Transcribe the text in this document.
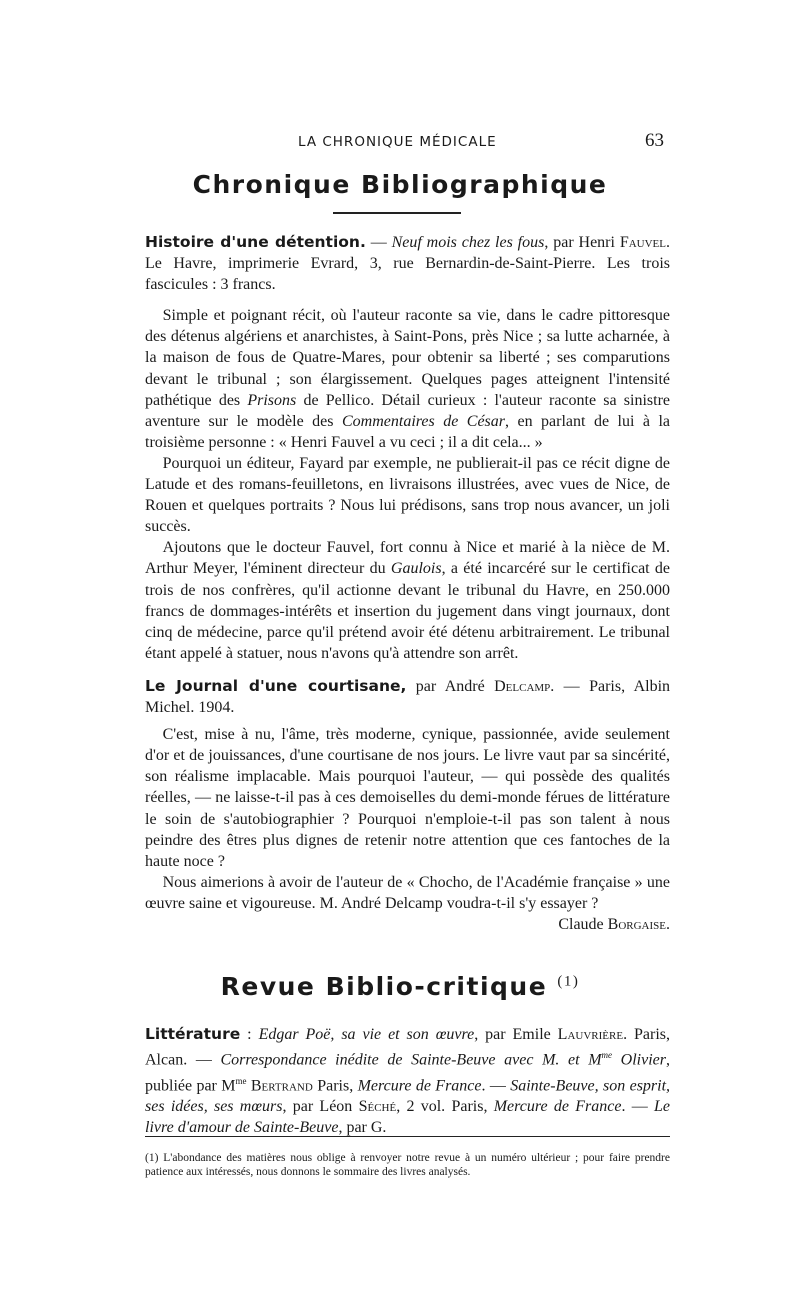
LA CHRONIQUE MÉDICALE	63
Chronique Bibliographique

Histoire d'une détention. — Neuf mois chez les fous, par Henri Fauvel. Le Havre, imprimerie Evrard, 3, rue Bernardin-de-Saint-Pierre. Les trois fascicules : 3 francs.

Simple et poignant récit, où l'auteur raconte sa vie, dans le cadre pittoresque des détenus algériens et anarchistes, à Saint-Pons, près Nice ; sa lutte acharnée, à la maison de fous de Quatre-Mares, pour obtenir sa liberté ; ses comparutions devant le tribunal ; son élargissement. Quelques pages atteignent l'intensité pathétique des Prisons de Pellico. Détail curieux : l'auteur raconte sa sinistre aventure sur le modèle des Commentaires de César, en parlant de lui à la troisième personne : « Henri Fauvel a vu ceci ; il a dit cela... »

Pourquoi un éditeur, Fayard par exemple, ne publierait-il pas ce récit digne de Latude et des romans-feuilletons, en livraisons illustrées, avec vues de Nice, de Rouen et quelques portraits ? Nous lui prédisons, sans trop nous avancer, un joli succès.

Ajoutons que le docteur Fauvel, fort connu à Nice et marié à la nièce de M. Arthur Meyer, l'éminent directeur du Gaulois, a été incarcéré sur le certificat de trois de nos confrères, qu'il actionne devant le tribunal du Havre, en 250.000 francs de dommages-intérêts et insertion du jugement dans vingt journaux, dont cinq de médecine, parce qu'il prétend avoir été détenu arbitrairement. Le tribunal étant appelé à statuer, nous n'avons qu'à attendre son arrêt.

Le Journal d'une courtisane, par André Delcamp. — Paris, Albin Michel. 1904.

C'est, mise à nu, l'âme, très moderne, cynique, passionnée, avide seulement d'or et de jouissances, d'une courtisane de nos jours. Le livre vaut par sa sincérité, son réalisme implacable. Mais pourquoi l'auteur, — qui possède des qualités réelles, — ne laisse-t-il pas à ces demoiselles du demi-monde férues de littérature le soin de s'autobiographier ? Pourquoi n'emploie-t-il pas son talent à nous peindre des êtres plus dignes de retenir notre attention que ces fantoches de la haute noce ?

Nous aimerions à avoir de l'auteur de « Chocho, de l'Académie française » une œuvre saine et vigoureuse. M. André Delcamp voudra-t-il s'y essayer ?

Claude Borgaise.

Revue Biblio-critique $^{(1)}$

Littérature : Edgar Poë, sa vie et son œuvre, par Emile Lauvrière. Paris, Alcan. — Correspondance inédite de Sainte-Beuve avec M. et $M^{me}$ Olivier, publiée par $M^{me}$ Bertrand Paris, Mercure de France. — Sainte-Beuve, son esprit, ses idées, ses mœurs, par Léon Séché, 2 vol. Paris, Mercure de France. — Le livre d'amour de Sainte-Beuve, par G.

(1) L'abondance des matières nous oblige à renvoyer notre revue à un numéro ultérieur ; pour faire prendre patience aux intéressés, nous donnons le sommaire des livres analysés.
